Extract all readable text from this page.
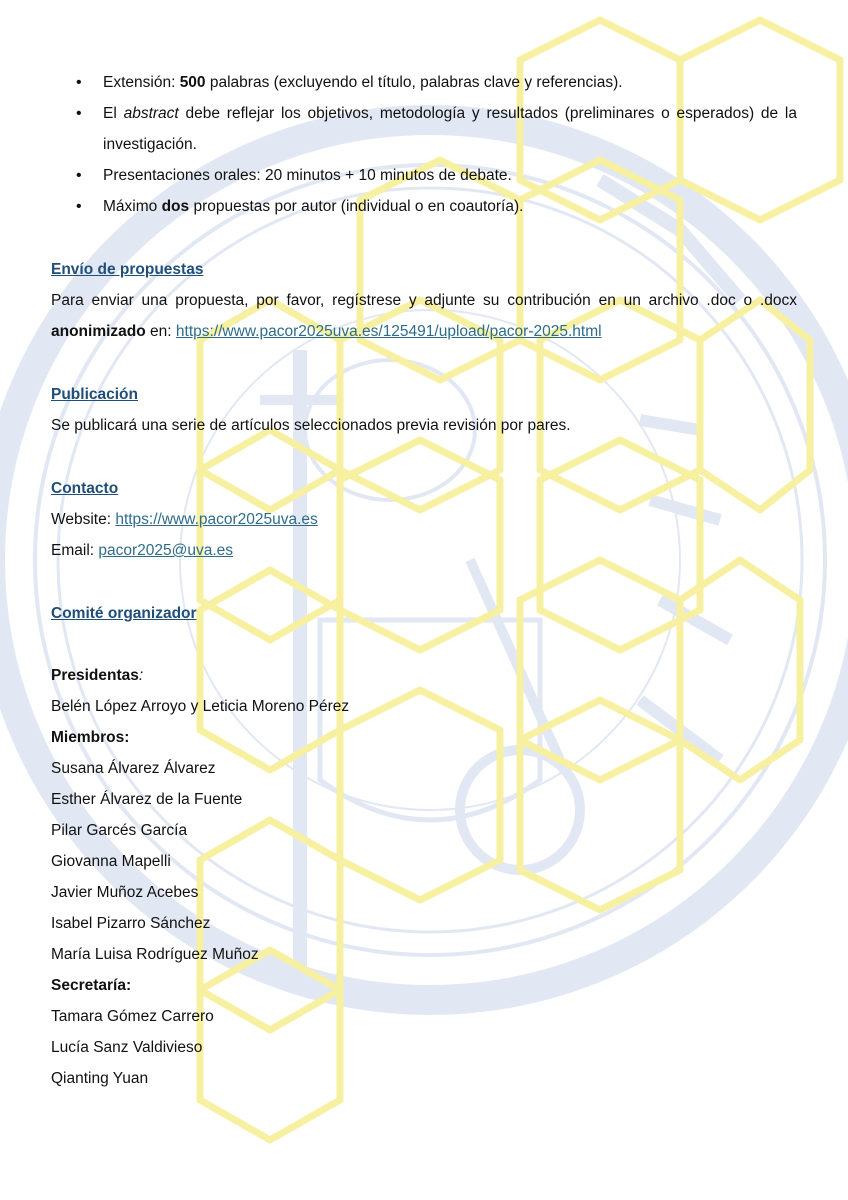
• Extensión: 500 palabras (excluyendo el título, palabras clave y referencias).
• El abstract debe reflejar los objetivos, metodología y resultados (preliminares o esperados) de la investigación.
• Presentaciones orales: 20 minutos + 10 minutos de debate.
• Máximo dos propuestas por autor (individual o en coautoría).
Envío de propuestas

Para enviar una propuesta, por favor, regístrese y adjunte su contribución en un archivo .doc o .docx anonimizado en: https://www.pacor2025uva.es/125491/upload/pacor-2025.html

Publicación

Se publicará una serie de artículos seleccionados previa revisión por pares.

Contacto

Website: https://www.pacor2025uva.es

Email: pacor2025@uva.es

Comité organizador
Presidentas:
Belén López Arroyo y Leticia Moreno Pérez
Miembros:
Susana Álvarez Álvarez
Esther Álvarez de la Fuente
Pilar Garcés García
Giovanna Mapelli
Javier Muñoz Acebes
Isabel Pizarro Sánchez
María Luisa Rodríguez Muñoz
Secretaría:
Tamara Gómez Carrero
Lucía Sanz Valdivieso
Qianting Yuan
